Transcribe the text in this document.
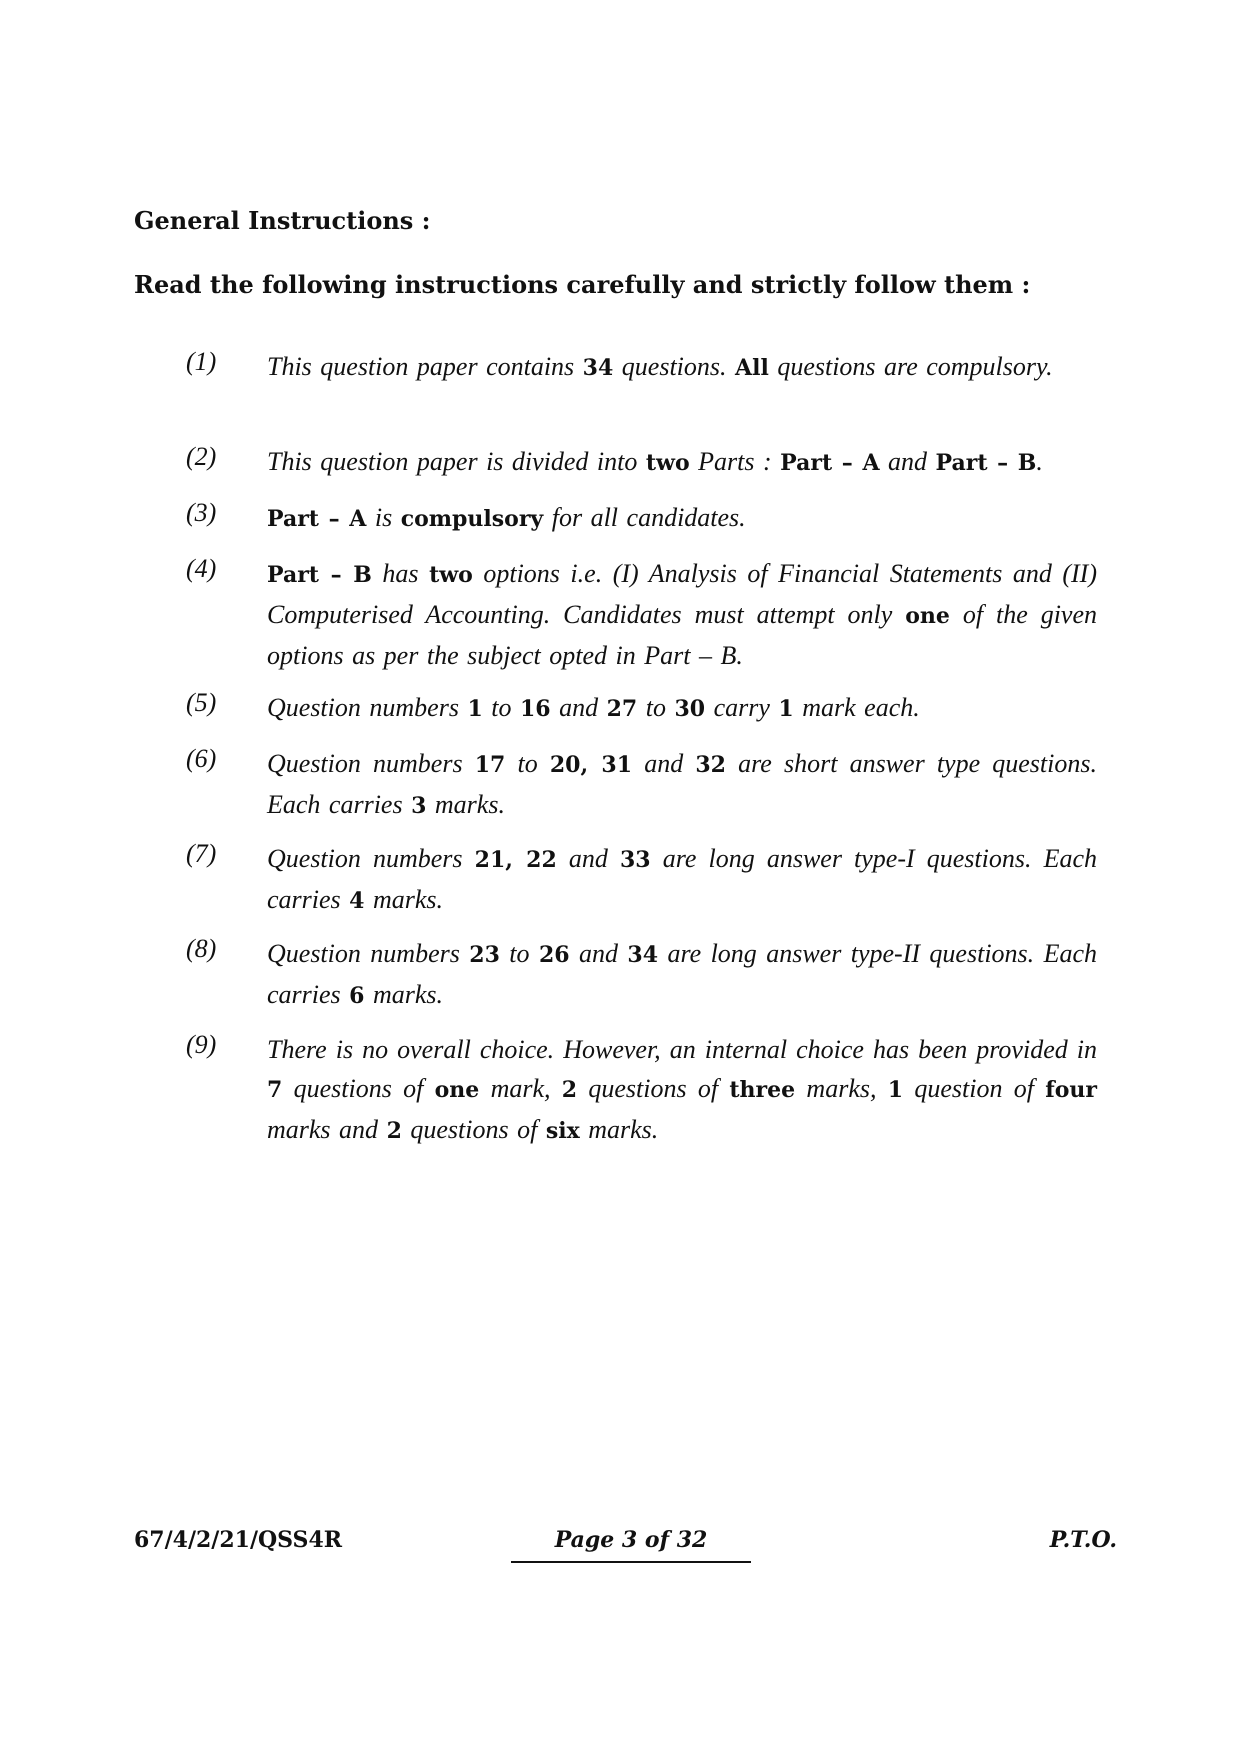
General Instructions :
Read the following instructions carefully and strictly follow them :
(1)	This question paper contains 34 questions. All questions are compulsory.
(2)	This question paper is divided into two Parts : Part – A and Part – B.
(3)	Part – A is compulsory for all candidates.
(4)	Part – B has two options i.e. (I) Analysis of Financial Statements and (II) Computerised Accounting. Candidates must attempt only one of the given options as per the subject opted in Part – B.
(5)	Question numbers 1 to 16 and 27 to 30 carry 1 mark each.
(6)	Question numbers 17 to 20, 31 and 32 are short answer type questions. Each carries 3 marks.
(7)	Question numbers 21, 22 and 33 are long answer type-I questions. Each carries 4 marks.
(8)	Question numbers 23 to 26 and 34 are long answer type-II questions. Each carries 6 marks.
(9)	There is no overall choice. However, an internal choice has been provided in 7 questions of one mark, 2 questions of three marks, 1 question of four marks and 2 questions of six marks.
67/4/2/21/QSS4R	Page 3 of 32	P.T.O.
